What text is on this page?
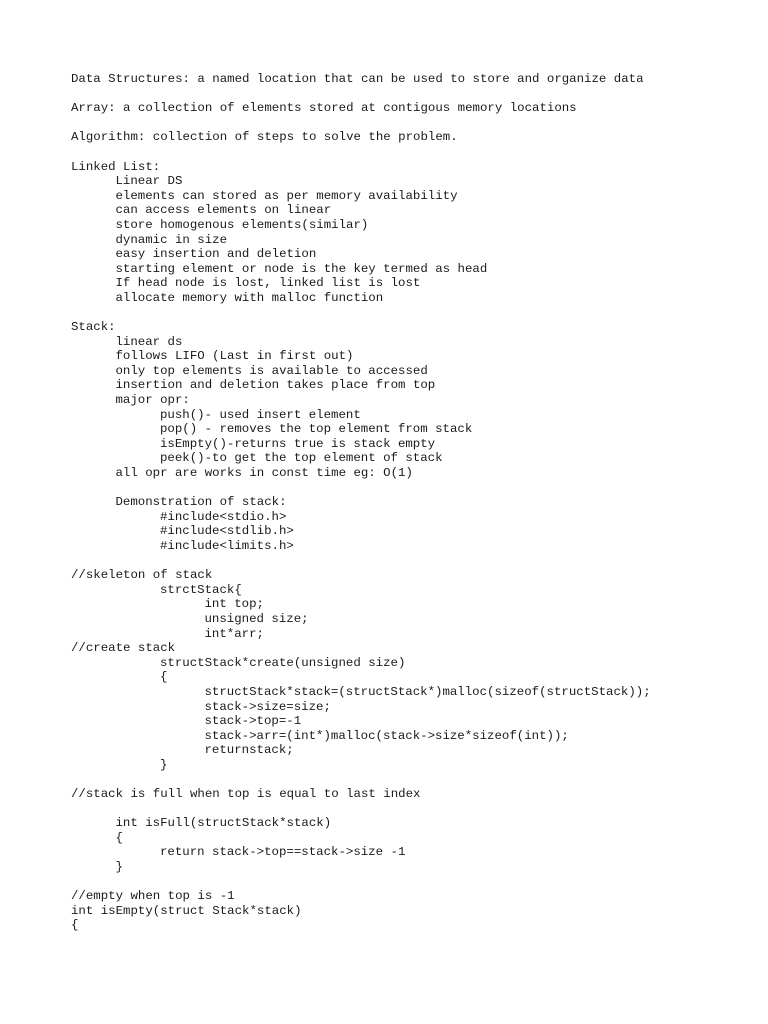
Data Structures: a named location that can be used to store and organize data
Array: a collection of elements stored at contigous memory locations
Algorithm: collection of steps to solve the problem.
Linked List:
Linear DS
elements can stored as per memory availability
can access elements on linear
store homogenous elements(similar)
dynamic in size
easy insertion and deletion
starting element or node is the key termed as head
If head node is lost, linked list is lost
allocate memory with malloc function
Stack:
linear ds
follows LIFO (Last in first out)
only top elements is available to accessed
insertion and deletion takes place from top
major opr:
push()- used insert element
pop() - removes the top element from stack
isEmpty()-returns true is stack empty
peek()-to get the top element of stack
all opr are works in const time eg: O(1)
Demonstration of stack:
#include<stdio.h>
#include<stdlib.h>
#include<limits.h>
//skeleton of stack
strctStack{
int top;
unsigned size;
int*arr;
//create stack
structStack*create(unsigned size)
{
structStack*stack=(structStack*)malloc(sizeof(structStack));
stack->size=size;
stack->top=-1
stack->arr=(int*)malloc(stack->size*sizeof(int));
returnstack;
}
//stack is full when top is equal to last index
int isFull(structStack*stack)
{
return stack->top==stack->size -1
}
//empty when top is -1
int isEmpty(struct Stack*stack)
{
